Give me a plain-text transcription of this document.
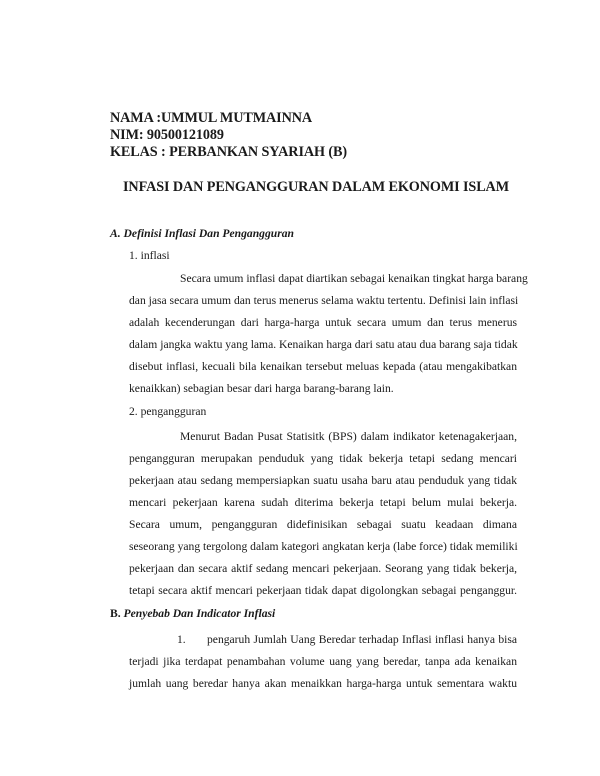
NAMA :UMMUL MUTMAINNA
NIM: 90500121089
KELAS : PERBANKAN SYARIAH (B)
INFASI DAN PENGANGGURAN DALAM EKONOMI ISLAM
A. Definisi Inflasi Dan Pengangguran
1. inflasi
Secara umum inflasi dapat diartikan sebagai kenaikan tingkat harga barang
dan jasa secara umum dan terus menerus selama waktu tertentu. Definisi lain inflasi
adalah kecenderungan dari harga-harga untuk secara umum dan terus menerus
dalam jangka waktu yang lama. Kenaikan harga dari satu atau dua barang saja tidak
disebut inflasi, kecuali bila kenaikan tersebut meluas kepada (atau mengakibatkan
kenaikkan) sebagian besar dari harga barang-barang lain.
2. pengangguran
Menurut Badan Pusat Statisitk (BPS) dalam indikator ketenagakerjaan,
pengangguran merupakan penduduk yang tidak bekerja tetapi sedang mencari
pekerjaan atau sedang mempersiapkan suatu usaha baru atau penduduk yang tidak
mencari pekerjaan karena sudah diterima bekerja tetapi belum mulai bekerja.
Secara umum, pengangguran didefinisikan sebagai suatu keadaan dimana
seseorang yang tergolong dalam kategori angkatan kerja (labe force) tidak memiliki
pekerjaan dan secara aktif sedang mencari pekerjaan. Seorang yang tidak bekerja,
tetapi secara aktif mencari pekerjaan tidak dapat digolongkan sebagai penganggur.
B. Penyebab Dan Indicator Inflasi
1. pengaruh Jumlah Uang Beredar terhadap Inflasi inflasi hanya bisa
terjadi jika terdapat penambahan volume uang yang beredar, tanpa ada kenaikan
jumlah uang beredar hanya akan menaikkan harga-harga untuk sementara waktu
